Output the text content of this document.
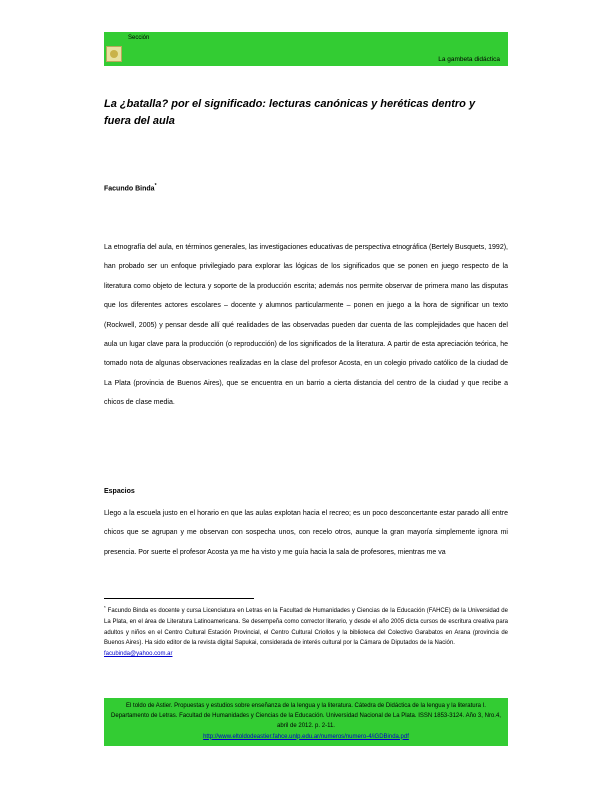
Sección
La gambeta didáctica
La ¿batalla? por el significado: lecturas canónicas y heréticas dentro y fuera del aula
Facundo Binda*
La etnografía del aula, en términos generales, las investigaciones educativas de perspectiva etnográfica (Bertely Busquets, 1992), han probado ser un enfoque privilegiado para explorar las lógicas de los significados que se ponen en juego respecto de la literatura como objeto de lectura y soporte de la producción escrita; además nos permite observar de primera mano las disputas que los diferentes actores escolares – docente y alumnos particularmente – ponen en juego a la hora de significar un texto (Rockwell, 2005) y pensar desde allí qué realidades de las observadas pueden dar cuenta de las complejidades que hacen del aula un lugar clave para la producción (o reproducción) de los significados de la literatura. A partir de esta apreciación teórica, he tomado nota de algunas observaciones realizadas en la clase del profesor Acosta, en un colegio privado católico de la ciudad de La Plata (provincia de Buenos Aires), que se encuentra en un barrio a cierta distancia del centro de la ciudad y que recibe a chicos de clase media.
Espacios
Llego a la escuela justo en el horario en que las aulas explotan hacia el recreo; es un poco desconcertante estar parado allí entre chicos que se agrupan y me observan con sospecha unos, con recelo otros, aunque la gran mayoría simplemente ignora mi presencia. Por suerte el profesor Acosta ya me ha visto y me guía hacia la sala de profesores, mientras me va
* Facundo Binda es docente y cursa Licenciatura en Letras en la Facultad de Humanidades y Ciencias de la Educación (FAHCE) de la Universidad de La Plata, en el área de Literatura Latinoamericana. Se desempeña como corrector literario, y desde el año 2005 dicta cursos de escritura creativa para adultos y niños en el Centro Cultural Estación Provincial, el Centro Cultural Criollos y la biblioteca del Colectivo Garabatos en Arana (provincia de Buenos Aires). Ha sido editor de la revista digital Sapukai, considerada de interés cultural por la Cámara de Diputados de la Nación.
facubinda@yahoo.com.ar
El toldo de Astier. Propuestas y estudios sobre enseñanza de la lengua y la literatura. Cátedra de Didáctica de la lengua y la literatura I. Departamento de Letras. Facultad de Humanidades y Ciencias de la Educación. Universidad Nacional de La Plata. ISSN 1853-3124. Año 3, Nro.4, abril de 2012. p. 2-11.
http://www.eltoldodeastier.fahce.unlp.edu.ar/numeros/numero-4/iGDBinda.pdf
